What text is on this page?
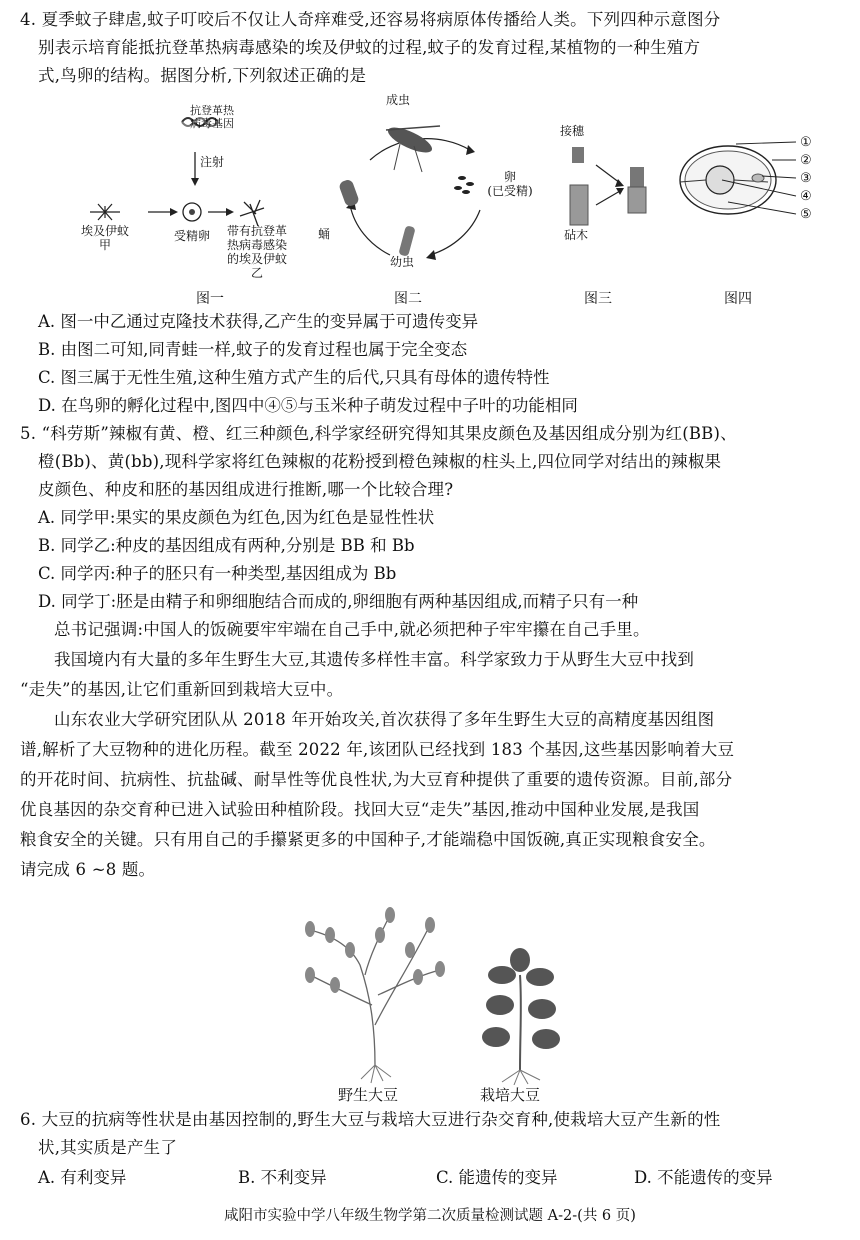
4. 夏季蚊子肆虐,蚊子叮咬后不仅让人奇痒难受,还容易将病原体传播给人类。下列四种示意图分

别表示培育能抵抗登革热病毒感染的埃及伊蚊的过程,蚊子的发育过程,某植物的一种生殖方

式,鸟卵的结构。据图分析,下列叙述正确的是

抗登革热
病毒基因
注射
埃及伊蚊
甲
受精卵	带有抗登革
热病毒感染
的埃及伊蚊
乙
成虫
卵
(已受精)
幼虫
蛹
接穗
砧木
①
②
③
④
⑤
图一	图二	图三	图四

A. 图一中乙通过克隆技术获得,乙产生的变异属于可遗传变异

B. 由图二可知,同青蛙一样,蚊子的发育过程也属于完全变态

C. 图三属于无性生殖,这种生殖方式产生的后代,只具有母体的遗传特性

D. 在鸟卵的孵化过程中,图四中④⑤与玉米种子萌发过程中子叶的功能相同

5. “科劳斯”辣椒有黄、橙、红三种颜色,科学家经研究得知其果皮颜色及基因组成分别为红(BB)、

橙(Bb)、黄(bb),现科学家将红色辣椒的花粉授到橙色辣椒的柱头上,四位同学对结出的辣椒果

皮颜色、种皮和胚的基因组成进行推断,哪一个比较合理?

A. 同学甲:果实的果皮颜色为红色,因为红色是显性性状

B. 同学乙:种皮的基因组成有两种,分别是 BB 和 Bb

C. 同学丙:种子的胚只有一种类型,基因组成为 Bb

D. 同学丁:胚是由精子和卵细胞结合而成的,卵细胞有两种基因组成,而精子只有一种

总书记强调:中国人的饭碗要牢牢端在自己手中,就必须把种子牢牢攥在自己手里。

我国境内有大量的多年生野生大豆,其遗传多样性丰富。科学家致力于从野生大豆中找到

“走失”的基因,让它们重新回到栽培大豆中。

山东农业大学研究团队从 2018 年开始攻关,首次获得了多年生野生大豆的高精度基因组图

谱,解析了大豆物种的进化历程。截至 2022 年,该团队已经找到 183 个基因,这些基因影响着大豆

的开花时间、抗病性、抗盐碱、耐旱性等优良性状,为大豆育种提供了重要的遗传资源。目前,部分

优良基因的杂交育种已进入试验田种植阶段。找回大豆“走失”基因,推动中国种业发展,是我国

粮食安全的关键。只有用自己的手攥紧更多的中国种子,才能端稳中国饭碗,真正实现粮食安全。

请完成 6 ~8 题。

野生大豆	栽培大豆

6. 大豆的抗病等性状是由基因控制的,野生大豆与栽培大豆进行杂交育种,使栽培大豆产生新的性

状,其实质是产生了

A. 有利变异	B. 不利变异	C. 能遗传的变异	D. 不能遗传的变异
咸阳市实验中学八年级生物学第二次质量检测试题 A-2-(共 6 页)
